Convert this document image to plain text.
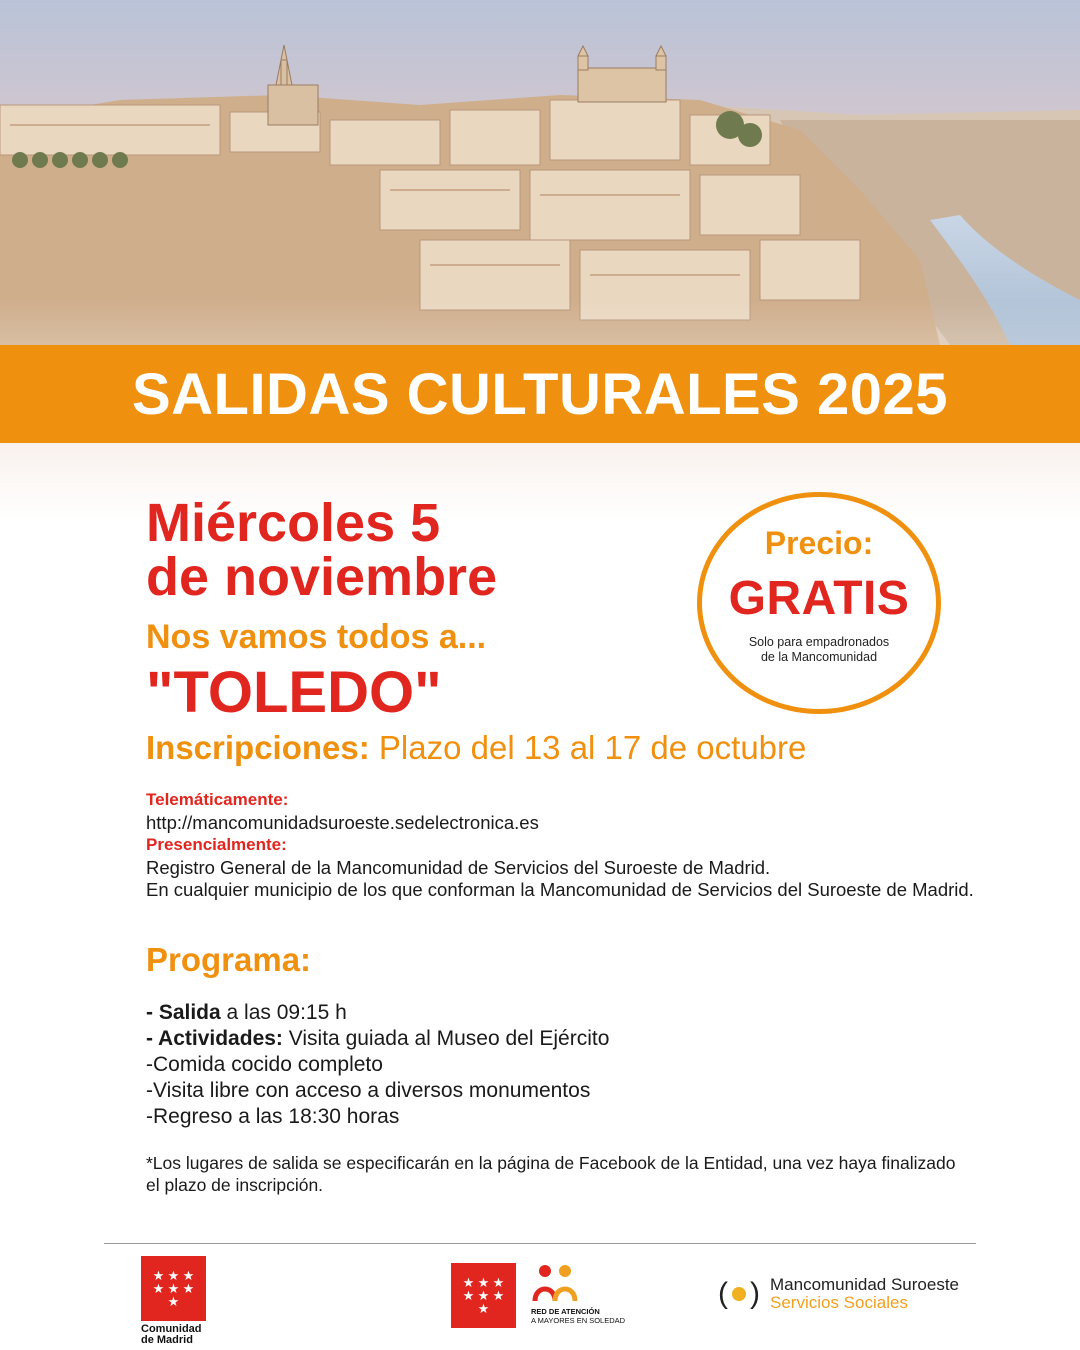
SALIDAS CULTURALES 2025
Miércoles 5
de noviembre
Nos vamos todos a...
"TOLEDO"
Inscripciones: Plazo del 13 al 17 de octubre
Precio:
GRATIS
Solo para empadronados
de la Mancomunidad
Telemáticamente:
http://mancomunidadsuroeste.sedelectronica.es
Presencialmente:
Registro General de la Mancomunidad de Servicios del Suroeste de Madrid.
En cualquier municipio de los que conforman la Mancomunidad de Servicios del Suroeste de Madrid.
Programa:
- Salida a las 09:15 h
- Actividades: Visita guiada al Museo del Ejército
-Comida cocido completo
-Visita libre con acceso a diversos monumentos
-Regreso a las 18:30 horas
*Los lugares de salida se especificarán en la página de Facebook de la Entidad, una vez haya finalizado el plazo de inscripción.
★ ★ ★
★ ★ ★
★
Comunidad
de Madrid
★ ★ ★
★ ★ ★
★	RED DE ATENCIÓN
A MAYORES EN SOLEDAD
( ) Mancomunidad Suroeste
Servicios Sociales
